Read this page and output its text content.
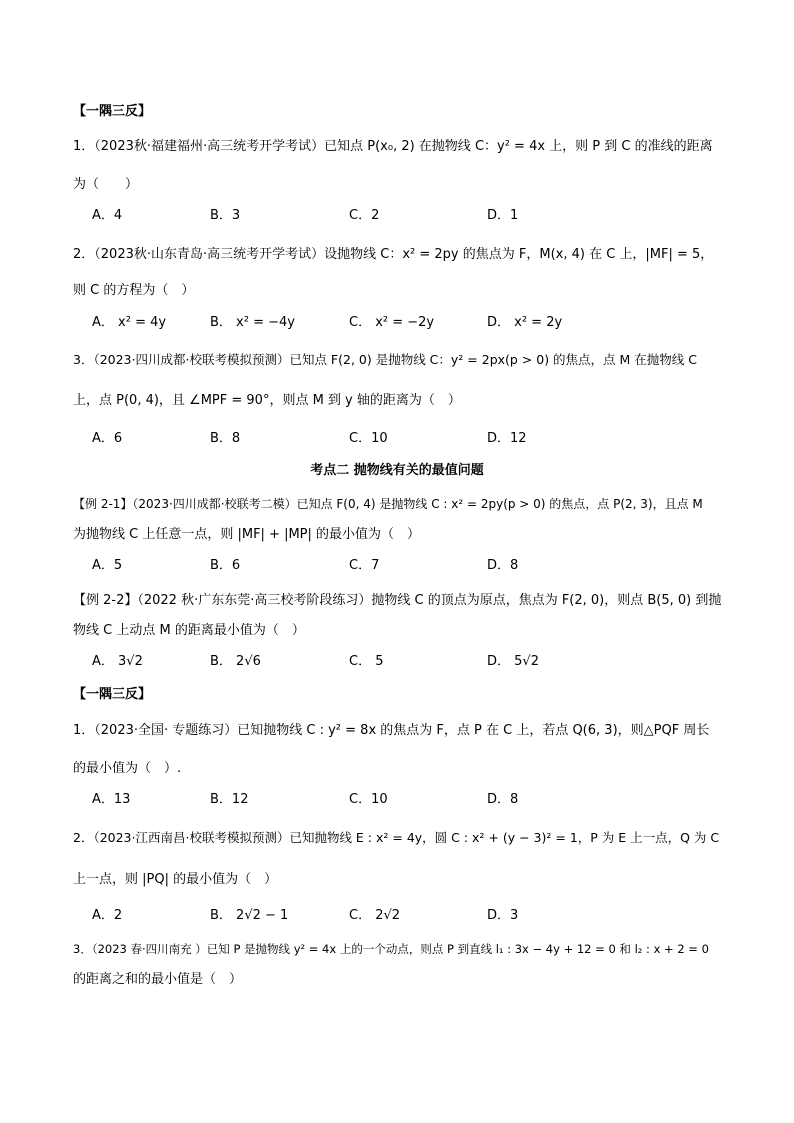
【一隅三反】
1．（2023秋·福建福州·高三统考开学考试）已知点 P(x₀, 2) 在抛物线 C：y² = 4x 上，则 P 到 C 的准线的距离
为（　　）
A．4	B．3	C．2	D．1
2．（2023秋·山东青岛·高三统考开学考试）设抛物线 C：x² = 2py 的焦点为 F，M(x, 4) 在 C 上，|MF| = 5，
则 C 的方程为（　）
A． x² = 4y	B． x² = −4y	C． x² = −2y	D． x² = 2y
3．（2023·四川成都·校联考模拟预测）已知点 F(2, 0) 是抛物线 C：y² = 2px(p > 0) 的焦点，点 M 在抛物线 C
上，点 P(0, 4)，且 ∠MPF = 90°，则点 M 到 y 轴的距离为（　）
A．6	B．8	C．10	D．12
考点二 抛物线有关的最值问题
【例 2-1】（2023·四川成都·校联考二模）已知点 F(0, 4) 是抛物线 C : x² = 2py(p > 0) 的焦点，点 P(2, 3)，且点 M
为抛物线 C 上任意一点，则 |MF| + |MP| 的最小值为（　）
A．5	B．6	C．7	D．8
【例 2-2】（2022 秋·广东东莞·高三校考阶段练习）抛物线 C 的顶点为原点，焦点为 F(2, 0)，则点 B(5, 0) 到抛
物线 C 上动点 M 的距离最小值为（　）
A． 3√2	B． 2√6	C． 5	D． 5√2
【一隅三反】
1．（2023·全国· 专题练习）已知抛物线 C : y² = 8x 的焦点为 F，点 P 在 C 上，若点 Q(6, 3)，则△PQF 周长
的最小值为（　）.
A．13	B．12	C．10	D．8
2．（2023·江西南昌·校联考模拟预测）已知抛物线 E : x² = 4y，圆 C : x² + (y − 3)² = 1，P 为 E 上一点，Q 为 C
上一点，则 |PQ| 的最小值为（　）
A．2	B． 2√2 − 1	C． 2√2	D．3
3．（2023 春·四川南充 ）已知 P 是抛物线 y² = 4x 上的一个动点，则点 P 到直线 l₁ : 3x − 4y + 12 = 0 和 l₂ : x + 2 = 0
的距离之和的最小值是（　）
